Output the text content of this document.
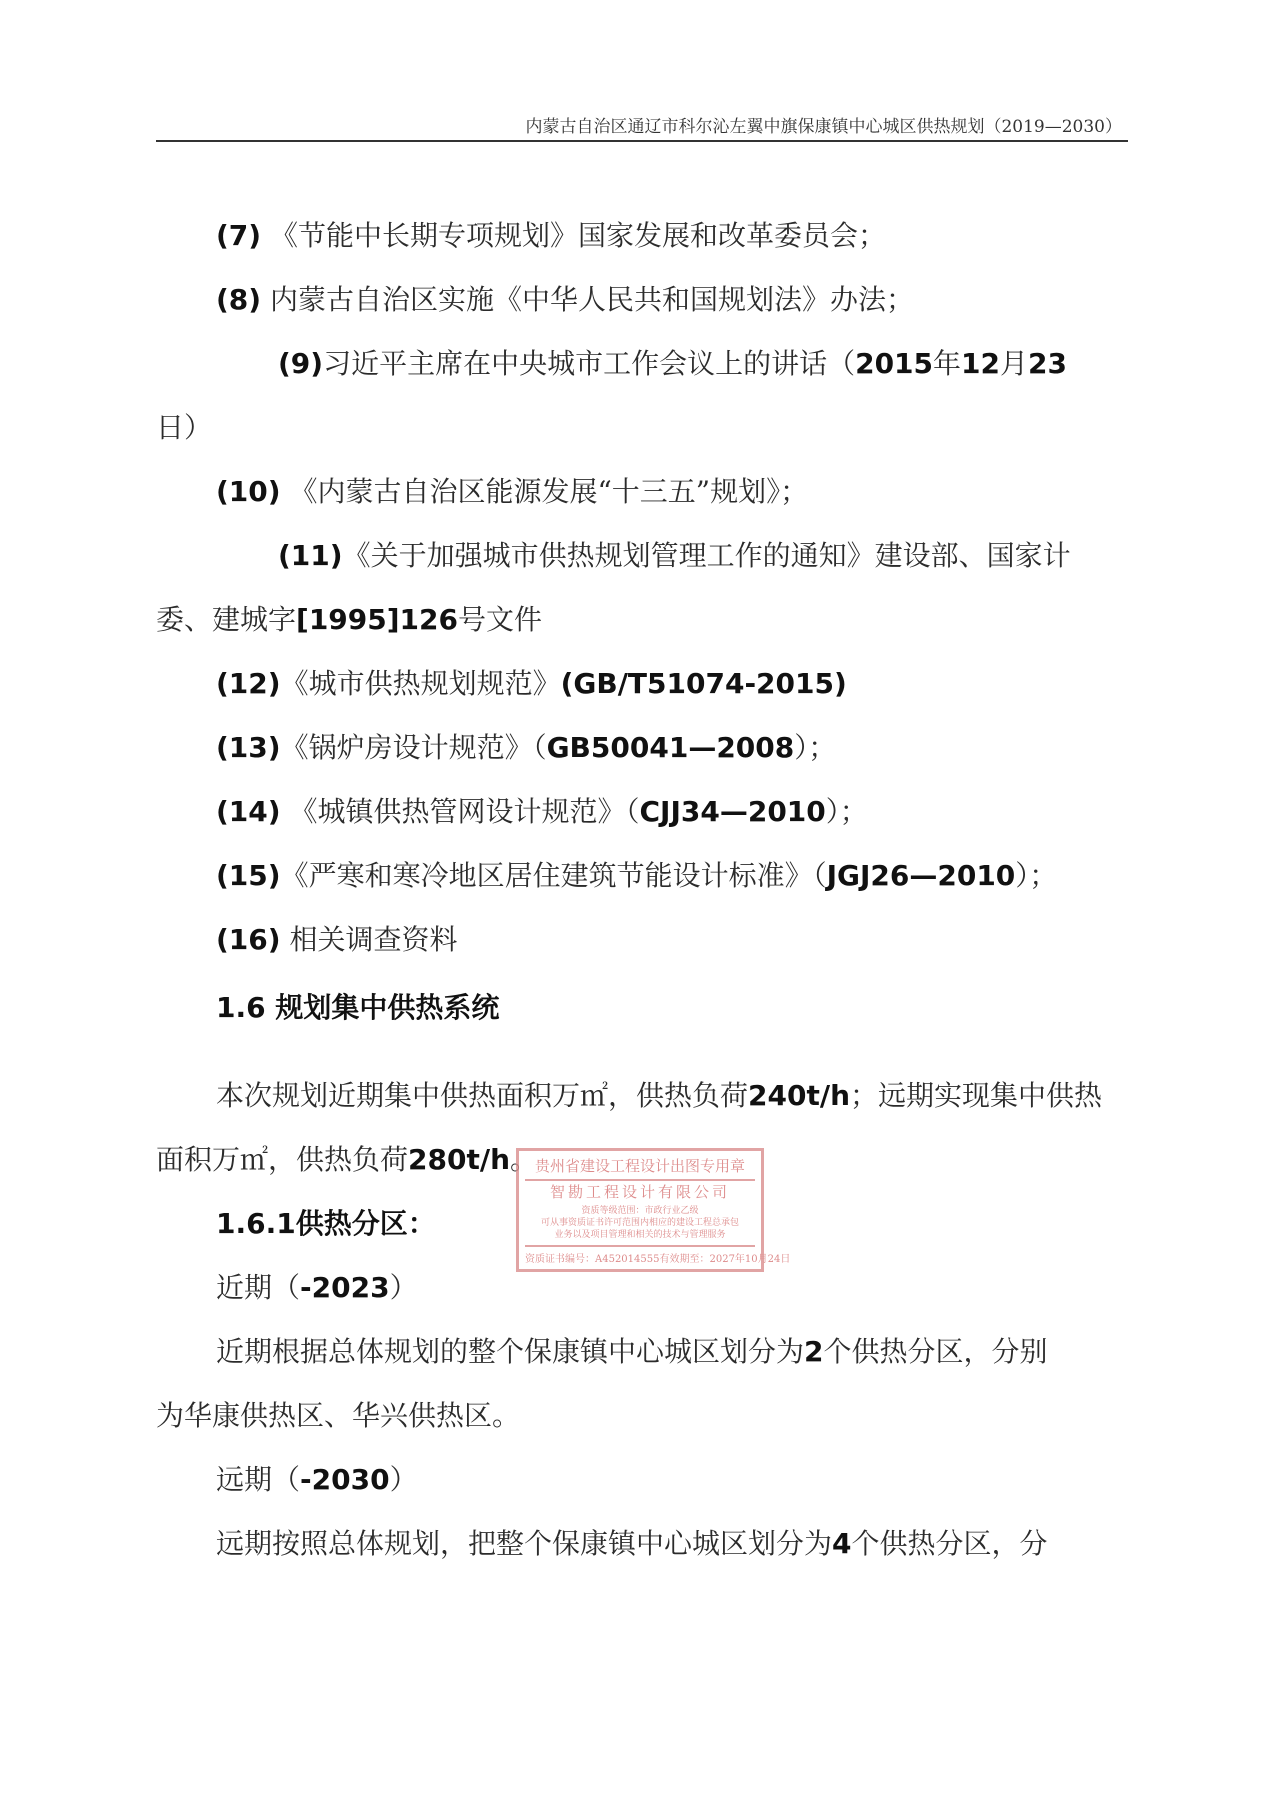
内蒙古自治区通辽市科尔沁左翼中旗保康镇中心城区供热规划（2019—2030）
(7) 《节能中长期专项规划》国家发展和改革委员会；
(8) 内蒙古自治区实施《中华人民共和国规划法》办法；
(9)习近平主席在中央城市工作会议上的讲话（2015年12月23
日）
(10) 《内蒙古自治区能源发展“十三五”规划》；
(11)《关于加强城市供热规划管理工作的通知》建设部、国家计
委、建城字[1995]126号文件
(12)《城市供热规划规范》(GB/T51074-2015)
(13)《锅炉房设计规范》（GB50041—2008）；
(14) 《城镇供热管网设计规范》（CJJ34—2010）；
(15)《严寒和寒冷地区居住建筑节能设计标准》（JGJ26—2010）；
(16) 相关调查资料
1.6 规划集中供热系统
本次规划近期集中供热面积万㎡，供热负荷240t/h；远期实现集中供热
面积万㎡，供热负荷280t/h。
贵州省建设工程设计出图专用章
智勘工程设计有限公司
资质等级范围：市政行业乙级
可从事资质证书许可范围内相应的建设工程总承包
业务以及项目管理和相关的技术与管理服务
资质证书编号：A452014555有效期至：2027年10月24日
1.6.1供热分区：
近期（-2023）
近期根据总体规划的整个保康镇中心城区划分为2个供热分区，分别
为华康供热区、华兴供热区。
远期（-2030）
远期按照总体规划，把整个保康镇中心城区划分为4个供热分区，分
